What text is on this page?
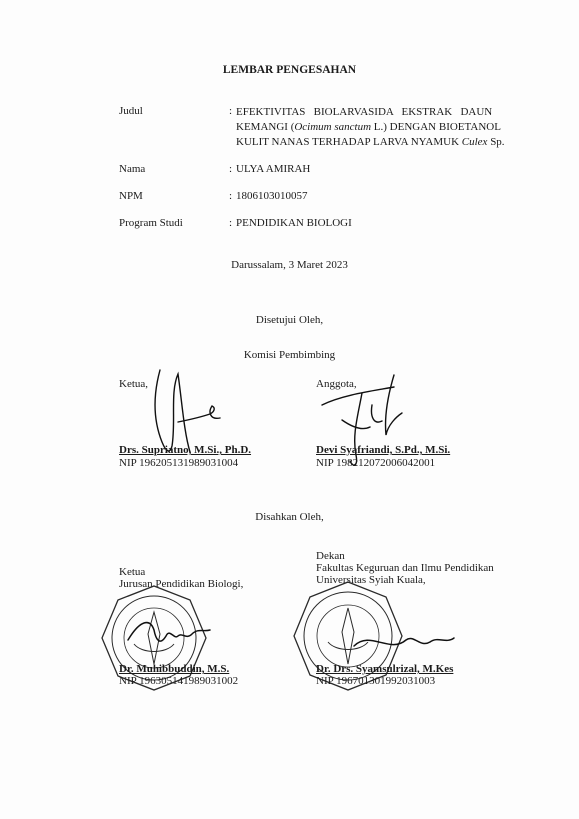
LEMBAR PENGESAHAN
Judul	: EFEKTIVITAS   BIOLARVASIDA   EKSTRAK   DAUN
KEMANGI (Ocimum sanctum L.) DENGAN BIOETANOL
KULIT NANAS TERHADAP LARVA NYAMUK Culex Sp.
Nama	: ULYA AMIRAH
NPM	: 1806103010057
Program Studi	: PENDIDIKAN BIOLOGI
Darussalam, 3 Maret 2023
Disetujui Oleh,
Komisi Pembimbing
Ketua,
Drs. Supriatno, M.Si., Ph.D.
NIP 196205131989031004
Anggota,
Devi Syafriandi, S.Pd., M.Si.
NIP 198212072006042001
Disahkan Oleh,
Ketua
Jurusan Pendidikan Biologi,
Dr. Muhibbuddin, M.S.
NIP 196305141989031002
Dekan
Fakultas Keguruan dan Ilmu Pendidikan
Universitas Syiah Kuala,
Dr. Drs. Syamsulrizal, M.Kes
NIP 196701301992031003
